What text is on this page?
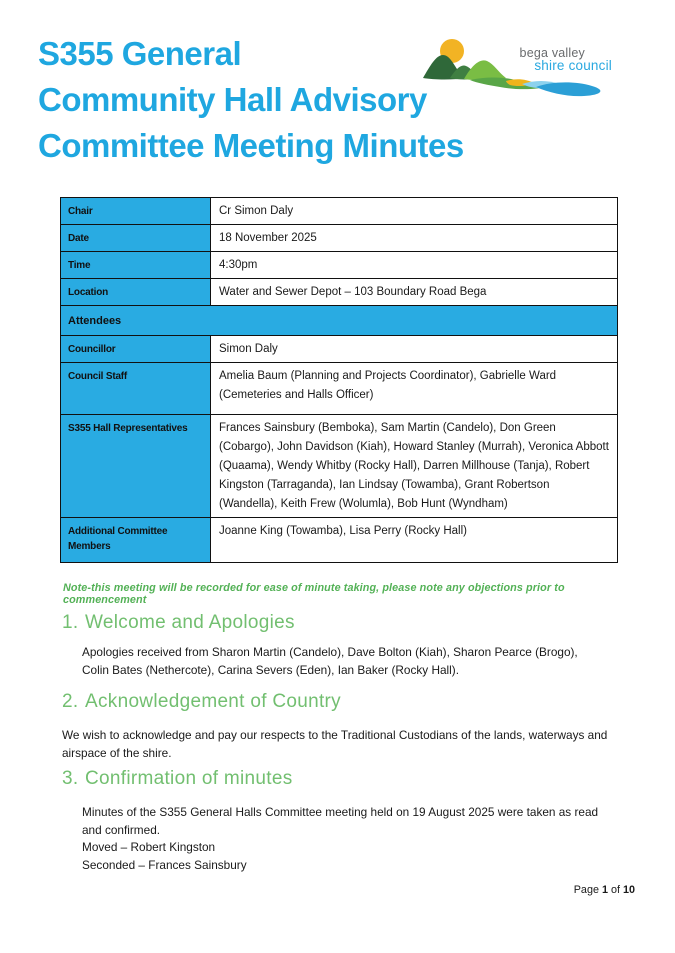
S355 General
Community Hall Advisory
Committee Meeting Minutes
bega valley
shire council
Chair	Cr Simon Daly
Date	18 November 2025
Time	4:30pm
Location	Water and Sewer Depot – 103 Boundary Road Bega
Attendees	
Councillor	Simon Daly
Council Staff	Amelia Baum (Planning and Projects Coordinator), Gabrielle Ward (Cemeteries and Halls Officer)
S355 Hall Representatives	Frances Sainsbury (Bemboka), Sam Martin (Candelo), Don Green (Cobargo), John Davidson (Kiah), Howard Stanley (Murrah), Veronica Abbott (Quaama), Wendy Whitby (Rocky Hall), Darren Millhouse (Tanja), Robert Kingston (Tarraganda), Ian Lindsay (Towamba), Grant Robertson (Wandella), Keith Frew (Wolumla), Bob Hunt (Wyndham)
Additional Committee Members	Joanne King (Towamba), Lisa Perry (Rocky Hall)
Note-this meeting will be recorded for ease of minute taking, please note any objections prior to commencement
1. Welcome and Apologies

Apologies received from Sharon Martin (Candelo), Dave Bolton (Kiah), Sharon Pearce (Brogo), Colin Bates (Nethercote), Carina Severs (Eden), Ian Baker (Rocky Hall).

2. Acknowledgement of Country

We wish to acknowledge and pay our respects to the Traditional Custodians of the lands, waterways and airspace of the shire.

3. Confirmation of minutes

Minutes of the S355 General Halls Committee meeting held on 19 August 2025 were taken as read and confirmed.

Moved – Robert Kingston

Seconded – Frances Sainsbury

Page 1 of 10
